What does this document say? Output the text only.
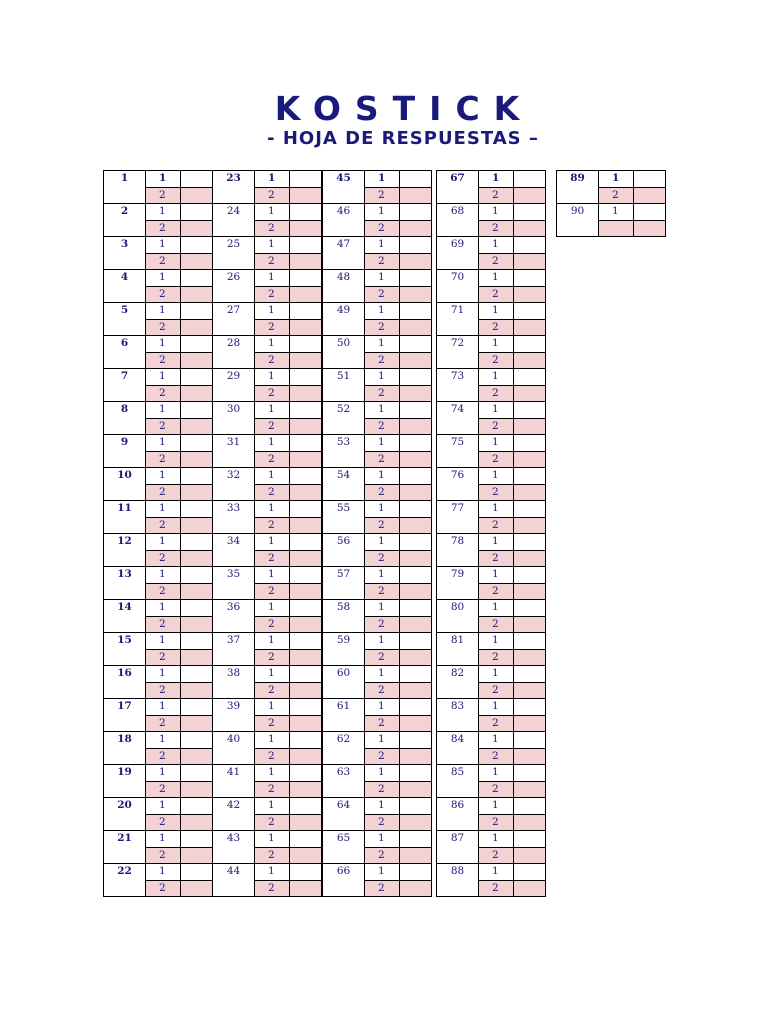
KOSTICK
- HOJA DE RESPUESTAS –
1	1
2
2	1
2
3	1
2
4	1
2
5	1
2
6	1
2
7	1
2
8	1
2
9	1
2
10	1
2
11	1
2
12	1
2
13	1
2
14	1
2
15	1
2
16	1
2
17	1
2
18	1
2
19	1
2
20	1
2
21	1
2
22	1
2
23	1
2
24	1
2
25	1
2
26	1
2
27	1
2
28	1
2
29	1
2
30	1
2
31	1
2
32	1
2
33	1
2
34	1
2
35	1
2
36	1
2
37	1
2
38	1
2
39	1
2
40	1
2
41	1
2
42	1
2
43	1
2
44	1
2
45	1
2
46	1
2
47	1
2
48	1
2
49	1
2
50	1
2
51	1
2
52	1
2
53	1
2
54	1
2
55	1
2
56	1
2
57	1
2
58	1
2
59	1
2
60	1
2
61	1
2
62	1
2
63	1
2
64	1
2
65	1
2
66	1
2
67	1
2
68	1
2
69	1
2
70	1
2
71	1
2
72	1
2
73	1
2
74	1
2
75	1
2
76	1
2
77	1
2
78	1
2
79	1
2
80	1
2
81	1
2
82	1
2
83	1
2
84	1
2
85	1
2
86	1
2
87	1
2
88	1
2
89	1
2
90	1
